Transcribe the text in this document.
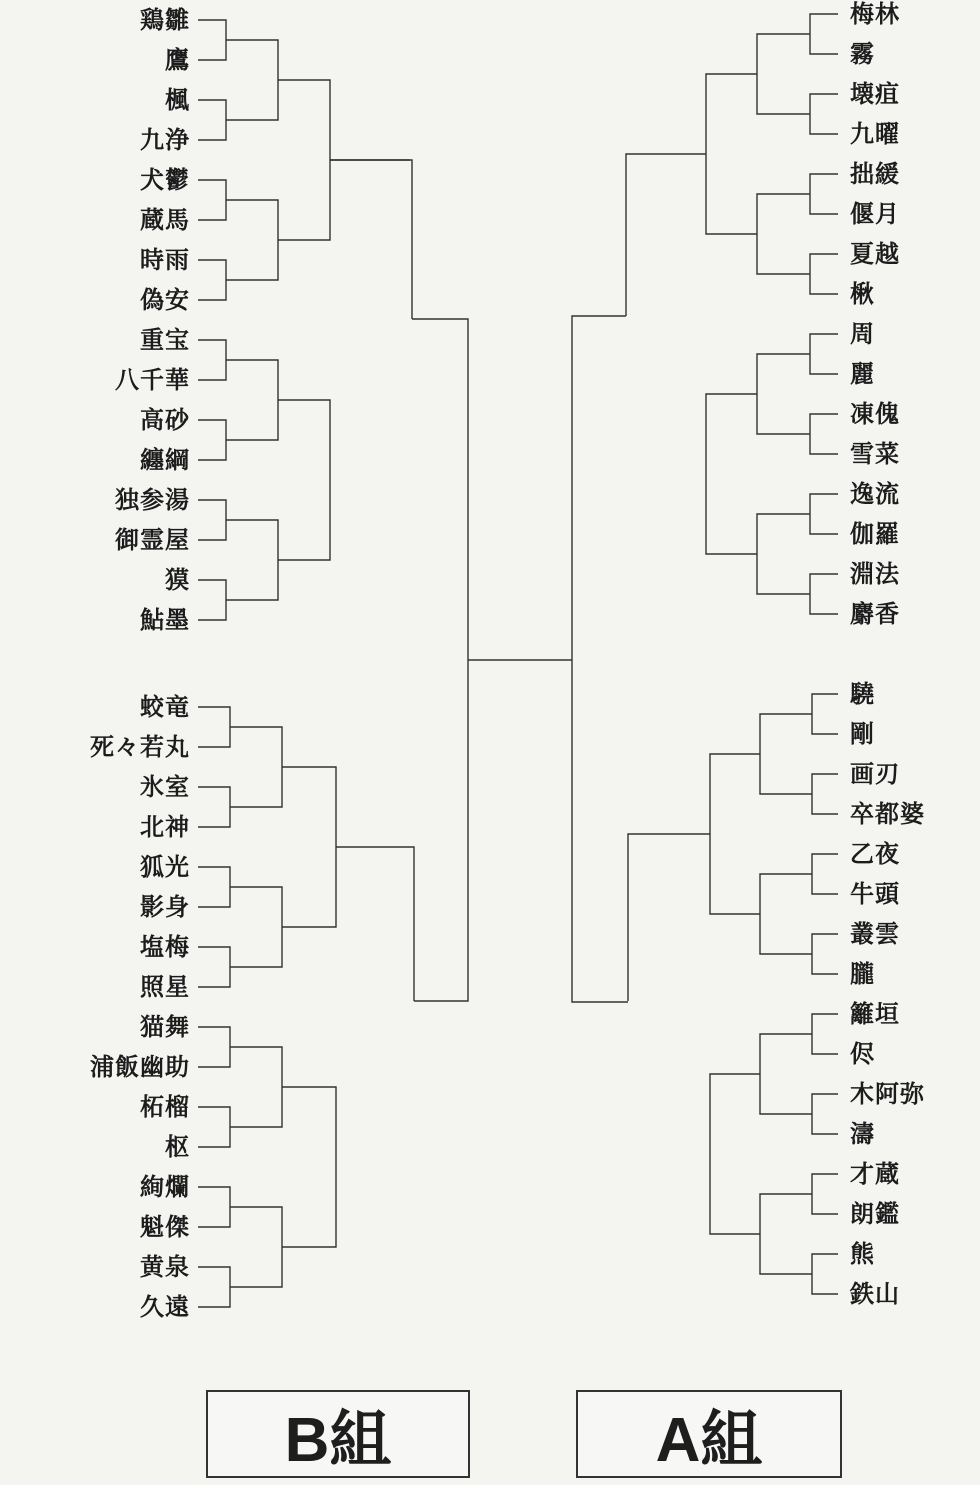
鶏雛
鷹
楓
九浄
犬鬱
蔵馬
時雨
偽安
重宝
八千華
高砂
纏綱
独参湯
御霊屋
獏
鮎墨
蛟竜
死々若丸
氷室
北神
狐光
影身
塩梅
照星
猫舞
浦飯幽助
柘榴
枢
絢爛
魁傑
黄泉
久遠
梅林
霧
壊疽
九曜
拙緩
偃月
夏越
楸
周
麗
凍傀
雪菜
逸流
伽羅
淵法
麝香
驍
剛
画刃
卒都婆
乙夜
牛頭
叢雲
朧
籬垣
侭
木阿弥
濤
才蔵
朗鑑
熊
鉄山
B組	A組
